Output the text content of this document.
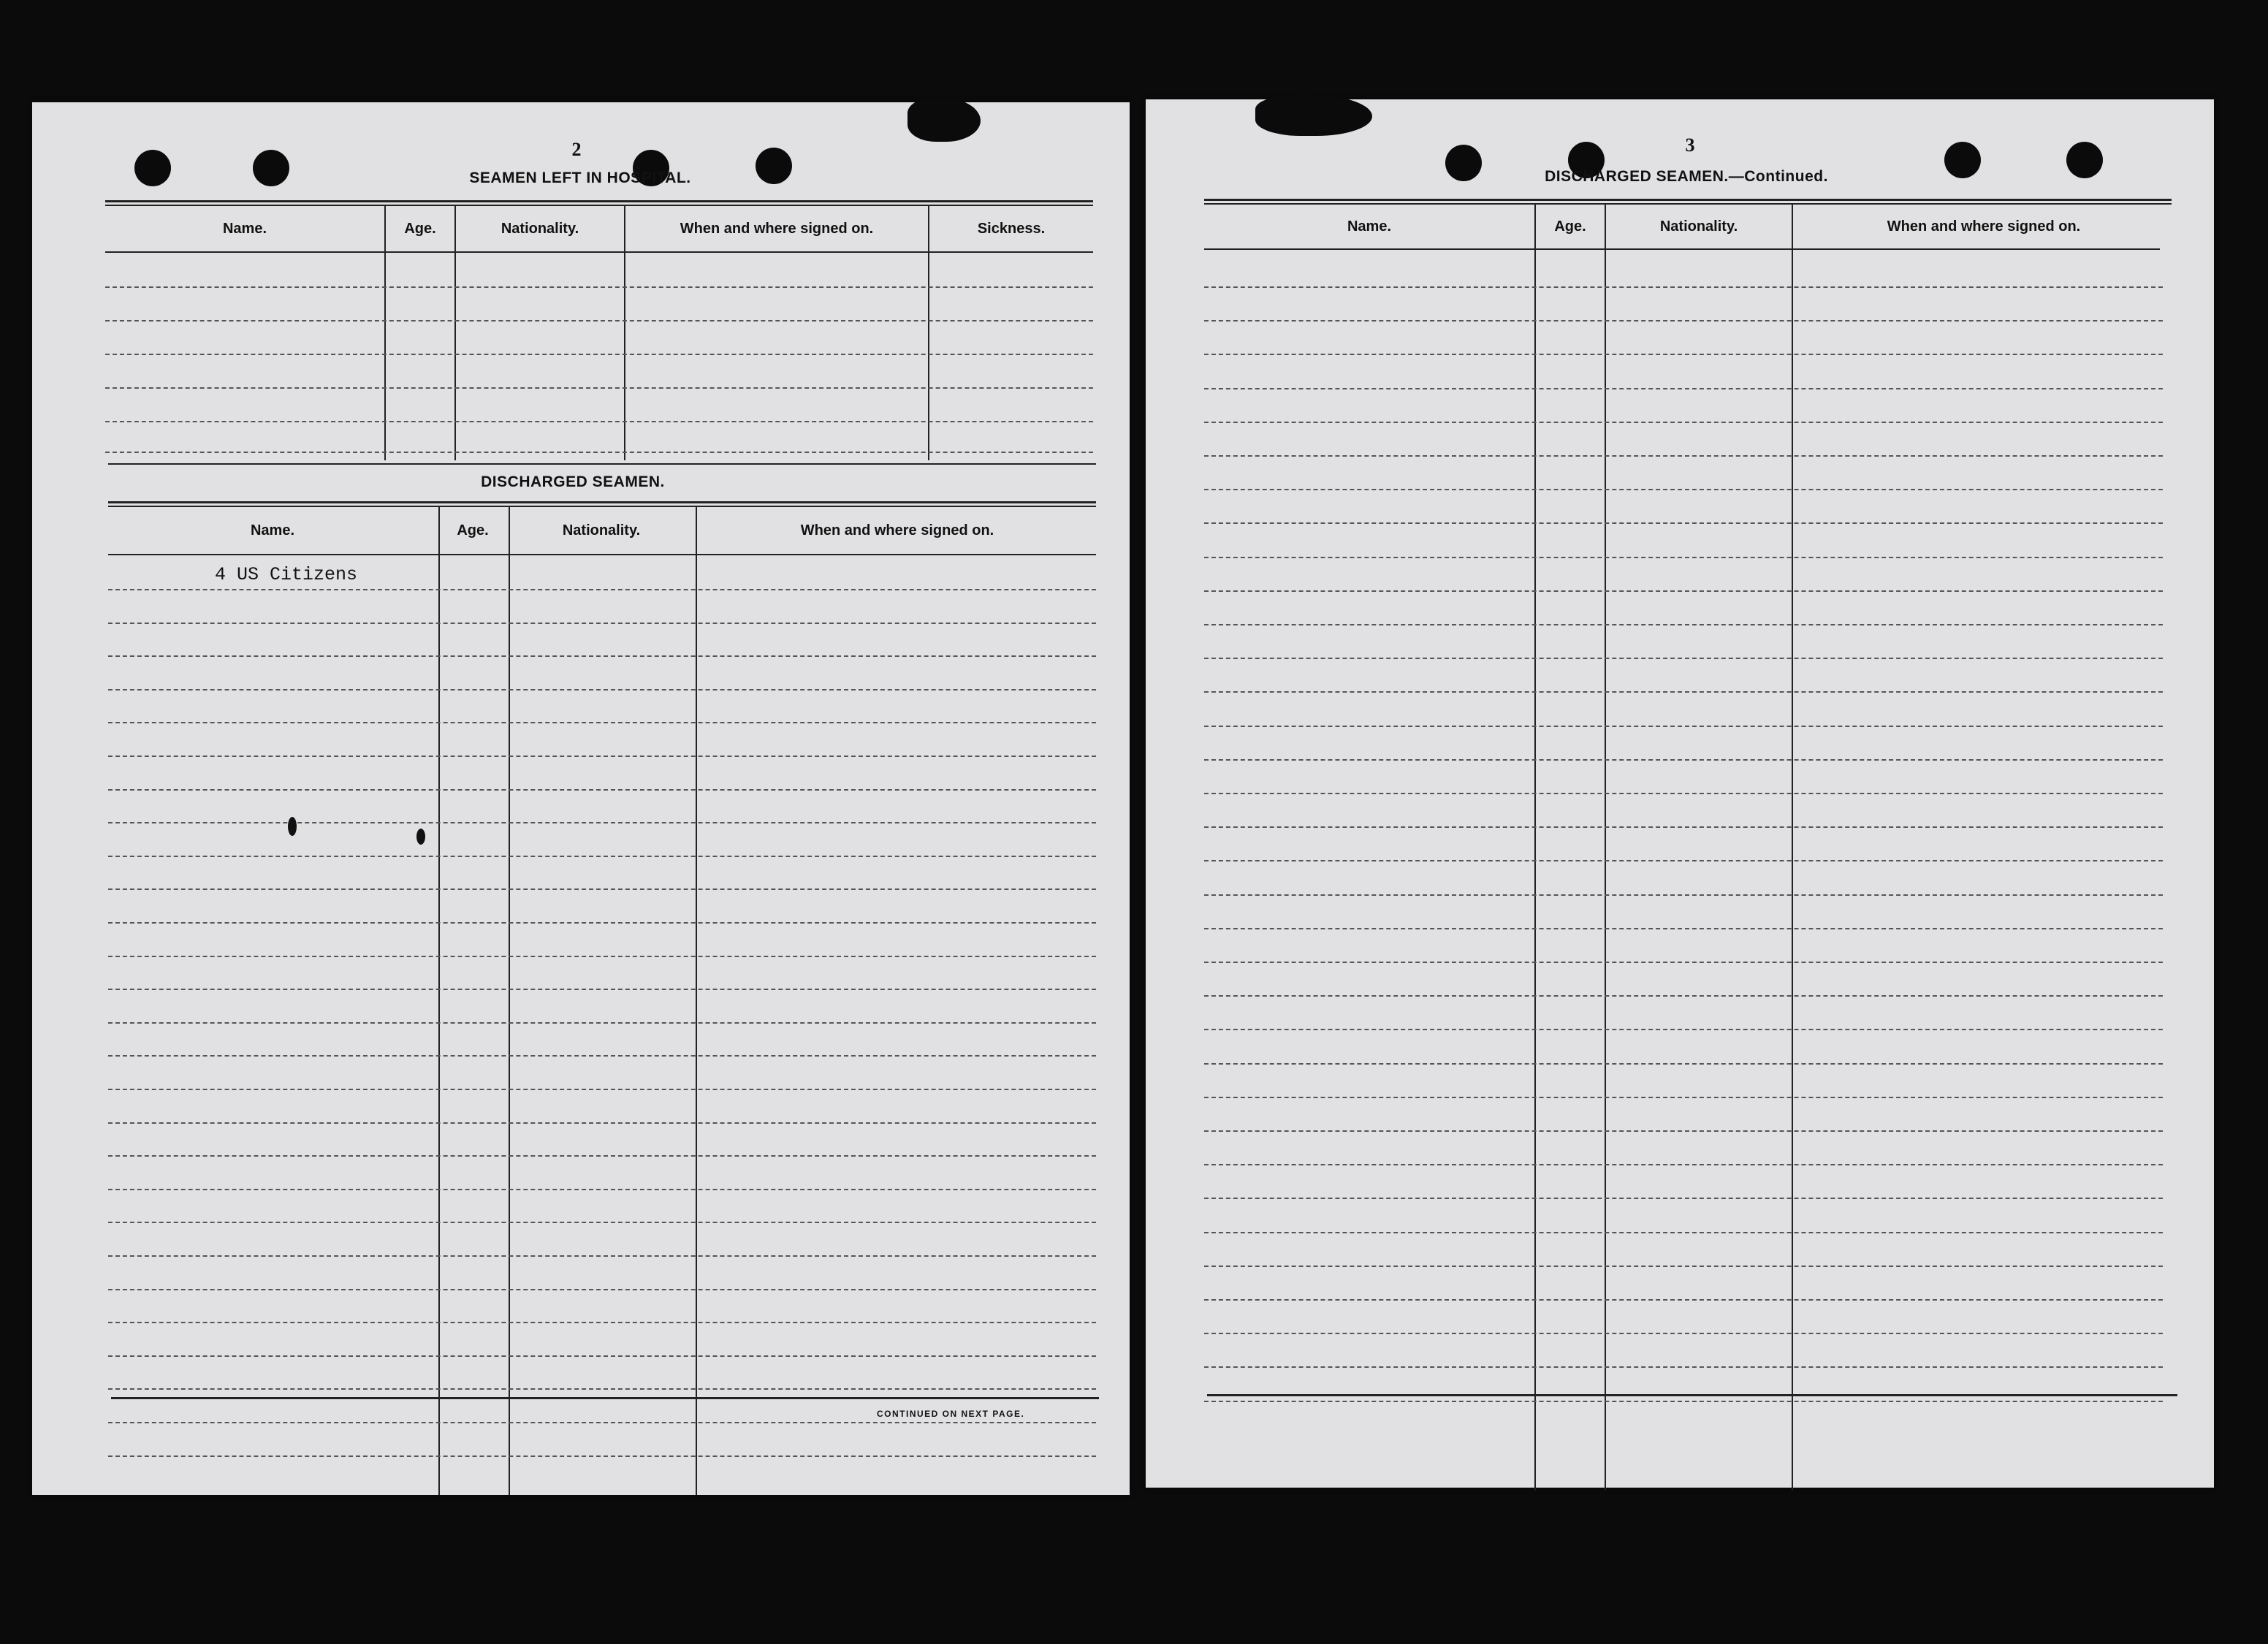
2
SEAMEN LEFT IN HOSPITAL.
Name.	Age.	Nationality.	When and where signed on.	Sickness.
DISCHARGED SEAMEN.
Name.	Age.	Nationality.	When and where signed on.
4 US Citizens
CONTINUED ON NEXT PAGE.
3
DISCHARGED SEAMEN.—Continued.
Name.	Age.	Nationality.	When and where signed on.
